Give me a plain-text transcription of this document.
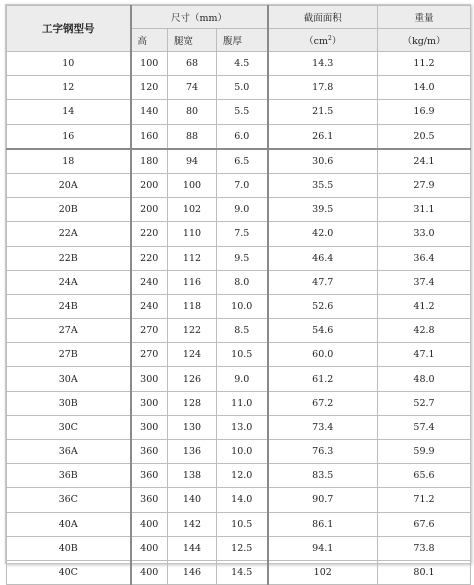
工字钢型号	尺寸（mm）			截面面积	重量
	高	腿宽	腹厚	$(cm^2)$	（kg/m）
10	100	68	4.5	14.3	11.2
12	120	74	5.0	17.8	14.0
14	140	80	5.5	21.5	16.9
16	160	88	6.0	26.1	20.5
18	180	94	6.5	30.6	24.1
20A	200	100	7.0	35.5	27.9
20B	200	102	9.0	39.5	31.1
22A	220	110	7.5	42.0	33.0
22B	220	112	9.5	46.4	36.4
24A	240	116	8.0	47.7	37.4
24B	240	118	10.0	52.6	41.2
27A	270	122	8.5	54.6	42.8
27B	270	124	10.5	60.0	47.1
30A	300	126	9.0	61.2	48.0
30B	300	128	11.0	67.2	52.7
30C	300	130	13.0	73.4	57.4
36A	360	136	10.0	76.3	59.9
36B	360	138	12.0	83.5	65.6
36C	360	140	14.0	90.7	71.2
40A	400	142	10.5	86.1	67.6
40B	400	144	12.5	94.1	73.8
40C	400	146	14.5	102	80.1
